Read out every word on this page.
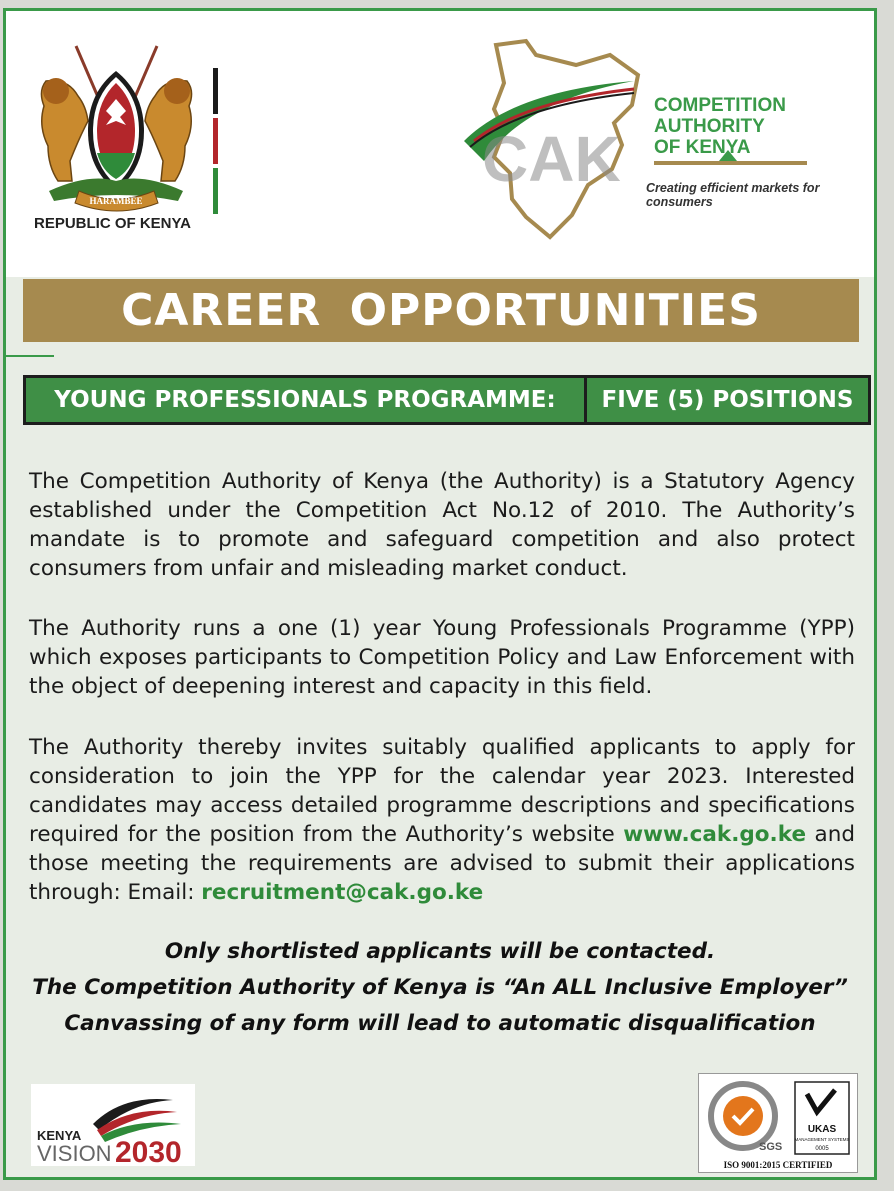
HARAMBEE
REPUBLIC OF KENYA
CAK
COMPETITION
AUTHORITY
OF KENYA
Creating efficient markets for consumers
CAREER OPPORTUNITIES
YOUNG PROFESSIONALS PROGRAMME:	FIVE (5) POSITIONS
The Competition Authority of Kenya (the Authority) is a Statutory Agency established under the Competition Act No.12 of 2010. The Authority’s mandate is to promote and safeguard competition and also protect consumers from unfair and misleading market conduct.
The Authority runs a one (1) year Young Professionals Programme (YPP) which exposes participants to Competition Policy and Law Enforcement with the object of deepening interest and capacity in this field.
The Authority thereby invites suitably qualified applicants to apply for consideration to join the YPP for the calendar year 2023. Interested candidates may access detailed programme descriptions and specifications required for the position from the Authority’s website www.cak.go.ke and those meeting the requirements are advised to submit their applications through: Email: recruitment@cak.go.ke
Only shortlisted applicants will be contacted.
The Competition Authority of Kenya is “An ALL Inclusive Employer”
Canvassing of any form will lead to automatic disqualification
KENYA
VISION 2030	SGS
UKAS
MANAGEMENT SYSTEMS
0005
ISO 9001:2015 CERTIFIED
